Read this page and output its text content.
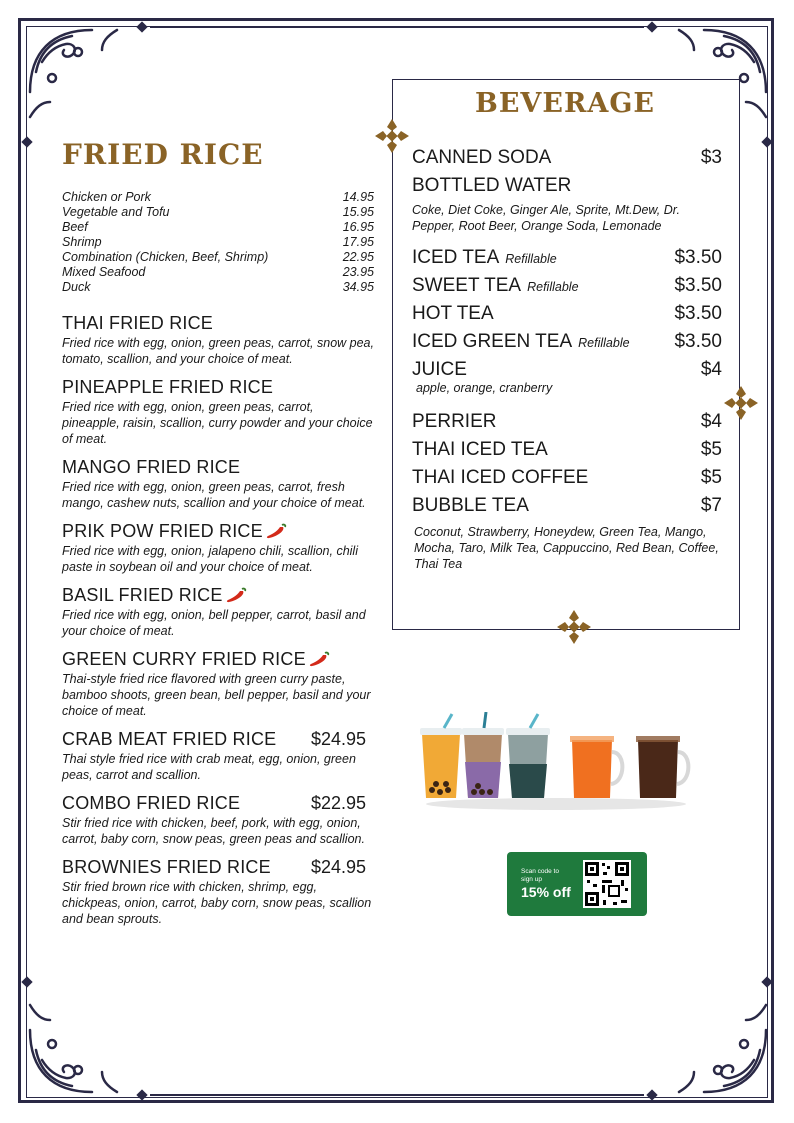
FRIED RICE
Chicken or Pork	14.95
Vegetable and Tofu	15.95
Beef	16.95
Shrimp	17.95
Combination (Chicken, Beef, Shrimp)	22.95
Mixed Seafood	23.95
Duck	34.95
THAI FRIED RICE
Fried rice with egg, onion, green peas, carrot, snow pea, tomato, scallion, and your choice of meat.
PINEAPPLE FRIED RICE
Fried rice with egg, onion, green peas, carrot, pineapple, raisin, scallion, curry powder and your choice of meat.
MANGO FRIED RICE
Fried rice with egg, onion, green peas, carrot, fresh mango, cashew nuts, scallion and your choice of meat.
PRIK POW FRIED RICE
Fried rice with egg, onion, jalapeno chili, scallion, chili paste in soybean oil and your choice of meat.
BASIL FRIED RICE
Fried rice with egg, onion, bell pepper, carrot, basil and your choice of meat.
GREEN CURRY FRIED RICE
Thai-style fried rice flavored with green curry paste, bamboo shoots, green bean, bell pepper, basil and your choice of meat.
CRAB MEAT FRIED RICE $24.95
Thai style fried rice with crab meat, egg, onion, green peas, carrot and scallion.
COMBO FRIED RICE	$22.95
Stir fried rice with chicken, beef, pork, with egg, onion, carrot, baby corn, snow peas, green peas and scallion.
BROWNIES FRIED RICE $24.95
Stir fried brown rice with chicken, shrimp, egg, chickpeas, onion, carrot, baby corn, snow peas, scallion and bean sprouts.
BEVERAGE
CANNED SODA	$3
BOTTLED WATER
Coke, Diet Coke, Ginger Ale, Sprite, Mt.Dew, Dr. Pepper, Root Beer, Orange Soda, Lemonade
ICED TEA Refillable	$3.50
SWEET TEA Refillable	$3.50
HOT TEA	$3.50
ICED GREEN TEA Refillable $3.50
JUICE	$4
apple, orange, cranberry
PERRIER	$4
THAI ICED TEA	$5
THAI ICED COFFEE	$5
BUBBLE TEA	$7
Coconut, Strawberry, Honeydew, Green Tea, Mango, Mocha, Taro, Milk Tea, Cappuccino, Red Bean, Coffee, Thai Tea
Scan code to sign up
15% off
